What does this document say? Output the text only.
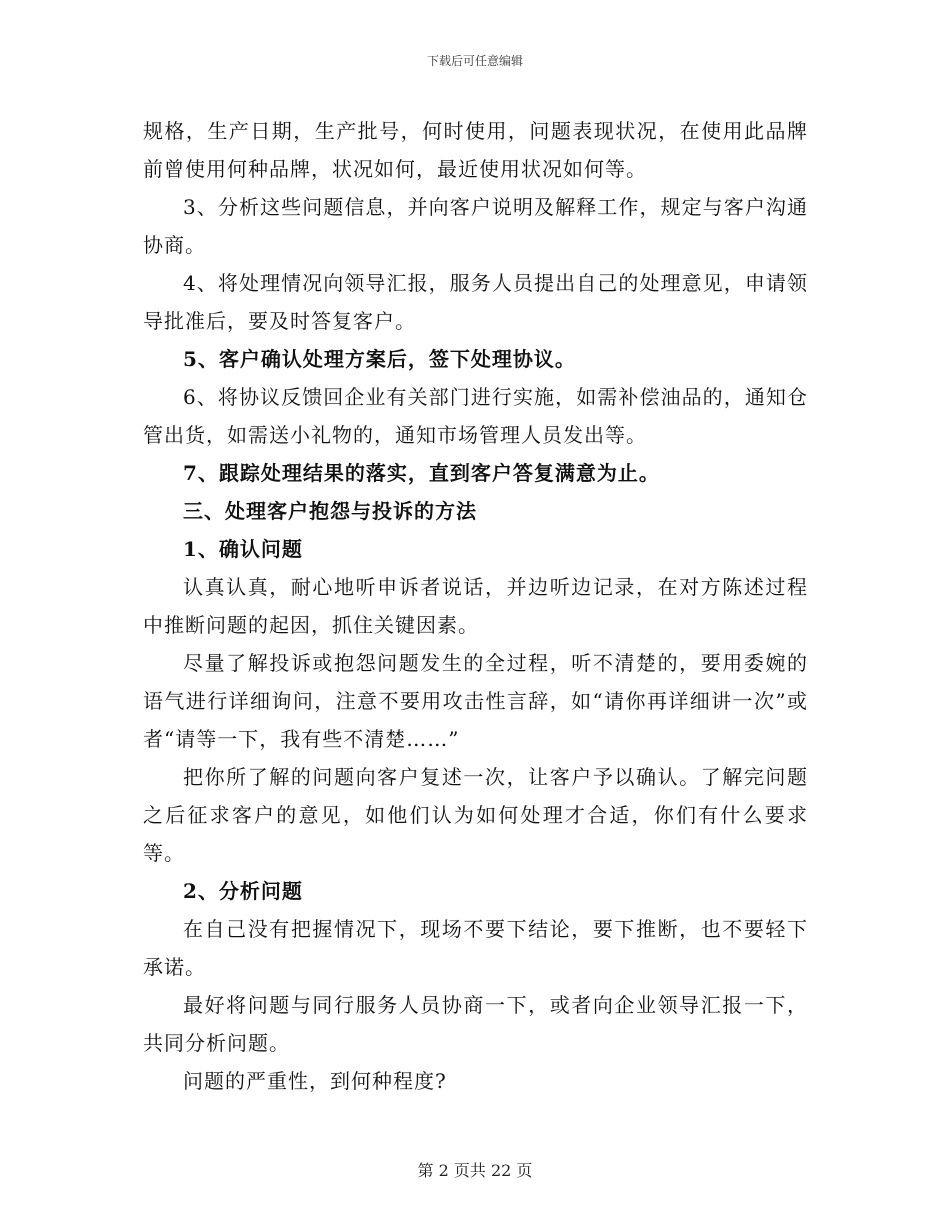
下载后可任意编辑

规格，生产日期，生产批号，何时使用，问题表现状况，在使用此品牌前曾使用何种品牌，状况如何，最近使用状况如何等。

3、分析这些问题信息，并向客户说明及解释工作，规定与客户沟通协商。

4、将处理情况向领导汇报，服务人员提出自己的处理意见，申请领导批准后，要及时答复客户。

5、客户确认处理方案后，签下处理协议。

6、将协议反馈回企业有关部门进行实施，如需补偿油品的，通知仓管出货，如需送小礼物的，通知市场管理人员发出等。

7、跟踪处理结果的落实，直到客户答复满意为止。

三、处理客户抱怨与投诉的方法

1、确认问题

认真认真，耐心地听申诉者说话，并边听边记录，在对方陈述过程中推断问题的起因，抓住关键因素。

尽量了解投诉或抱怨问题发生的全过程，听不清楚的，要用委婉的语气进行详细询问，注意不要用攻击性言辞，如“请你再详细讲一次”或者“请等一下，我有些不清楚……”

把你所了解的问题向客户复述一次，让客户予以确认。了解完问题之后征求客户的意见，如他们认为如何处理才合适，你们有什么要求等。

2、分析问题

在自己没有把握情况下，现场不要下结论，要下推断，也不要轻下承诺。

最好将问题与同行服务人员协商一下，或者向企业领导汇报一下，共同分析问题。

问题的严重性，到何种程度?

第 2 页共 22 页
